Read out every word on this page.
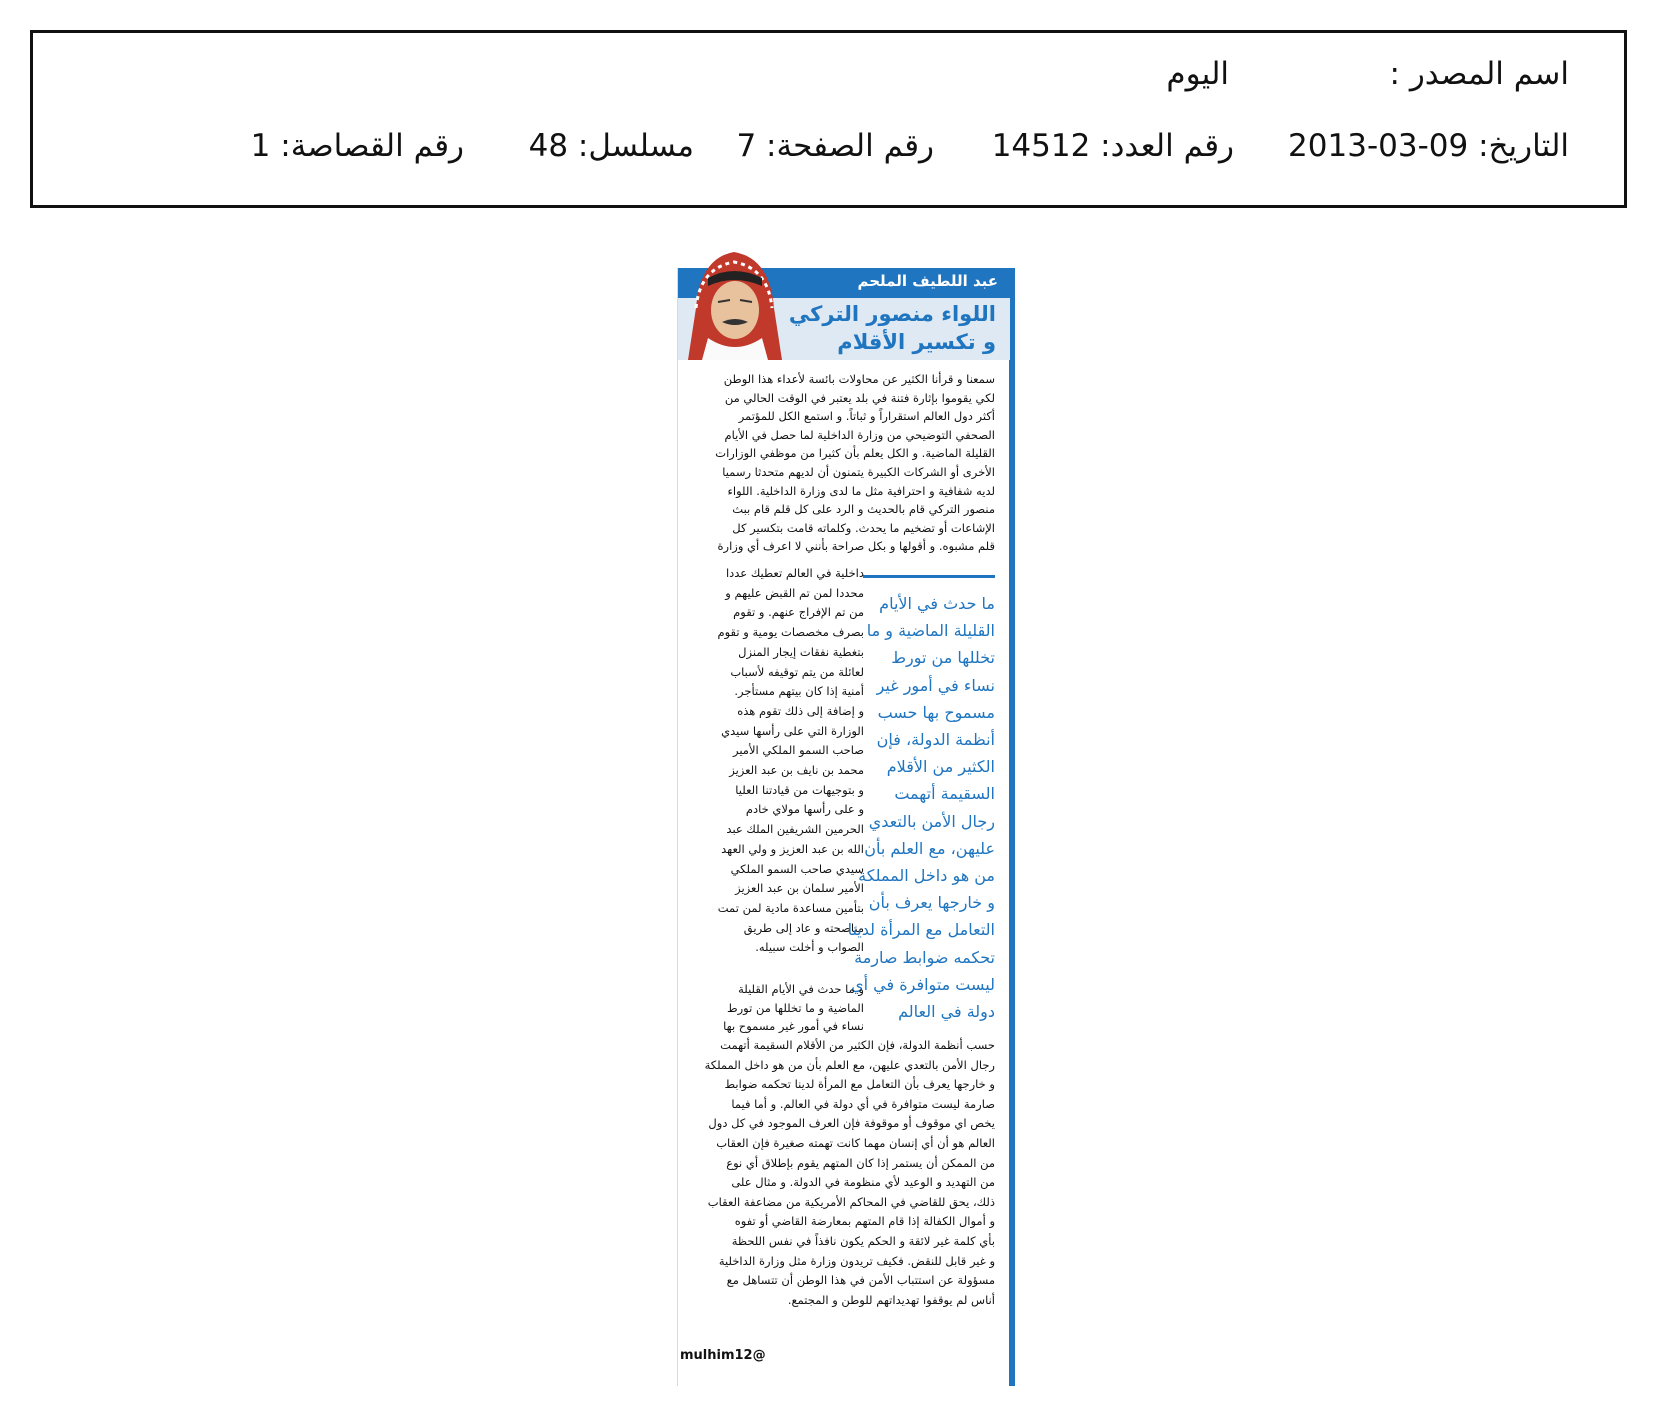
اسم المصدر :
اليوم
التاريخ: 09-03-2013
رقم العدد: 14512
رقم الصفحة: 7
مسلسل: 48
رقم القصاصة: 1
عبد اللطيف الملحم
اللواء منصور التركي
و تكسير الأقلام
سمعنا و قرأنا الكثير عن محاولات بائسة لأعداء هذا الوطن
لكي يقوموا بإثارة فتنة في بلد يعتبر في الوقت الحالي من
أكثر دول العالم استقراراً و ثباتاً. و استمع الكل للمؤتمر
الصحفي التوضيحي من وزارة الداخلية لما حصل في الأيام
القليلة الماضية. و الكل يعلم بأن كثيرا من موظفي الوزارات
الأخرى أو الشركات الكبيرة يتمنون أن لديهم متحدثا رسميا
لديه شفافية و احترافية مثل ما لدى وزارة الداخلية. اللواء
منصور التركي قام بالحديث و الرد على كل قلم قام ببث
الإشاعات أو تضخيم ما يحدث. وكلماته قامت بتكسير كل
قلم مشبوه. و أقولها و بكل صراحة بأنني لا اعرف أي وزارة
داخلية في العالم تعطيك عددا
محددا لمن تم القبض عليهم و
من تم الإفراج عنهم. و تقوم
بصرف مخصصات يومية و تقوم
بتغطية نفقات إيجار المنزل
لعائلة من يتم توقيفه لأسباب
أمنية إذا كان بيتهم مستأجر.
و إضافة إلى ذلك تقوم هذه
الوزارة التي على رأسها سيدي
صاحب السمو الملكي الأمير
محمد بن نايف بن عبد العزيز
و بتوجيهات من قيادتنا العليا
و على رأسها مولاي خادم
الحرمين الشريفين الملك عبد
الله بن عبد العزيز و ولي العهد
سيدي صاحب السمو الملكي
الأمير سلمان بن عبد العزيز
بتأمين مساعدة مادية لمن تمت
مناصحته و عاد إلى طريق
الصواب و أخلت سبيله.
ما حدث في الأيام
القليلة الماضية و ما
تخللها من تورط
نساء في أمور غير
مسموح بها حسب
أنظمة الدولة، فإن
الكثير من الأقلام
السقيمة أتهمت
رجال الأمن بالتعدي
عليهن، مع العلم بأن
من هو داخل المملكة
و خارجها يعرف بأن
التعامل مع المرأة لدينا
تحكمه ضوابط صارمة
ليست متوافرة في أي
دولة في العالم
و ما حدث في الأيام القليلة
الماضية و ما تخللها من تورط
نساء في أمور غير مسموح بها
حسب أنظمة الدولة، فإن الكثير من الأقلام السقيمة أتهمت
رجال الأمن بالتعدي عليهن، مع العلم بأن من هو داخل المملكة
و خارجها يعرف بأن التعامل مع المرأة لدينا تحكمه ضوابط
صارمة ليست متوافرة في أي دولة في العالم. و أما فيما
يخص اي موقوف أو موقوفة فإن العرف الموجود في كل دول
العالم هو أن أي إنسان مهما كانت تهمته صغيرة فإن العقاب
من الممكن أن يستمر إذا كان المتهم يقوم بإطلاق أي نوع
من التهديد و الوعيد لأي منظومة في الدولة. و مثال على
ذلك، يحق للقاضي في المحاكم الأمريكية من مضاعفة العقاب
و أموال الكفالة إذا قام المتهم بمعارضة القاضي أو تفوه
بأي كلمة غير لائقة و الحكم يكون نافذاً في نفس اللحظة
و غير قابل للنقض. فكيف تريدون وزارة مثل وزارة الداخلية
مسؤولة عن استتباب الأمن في هذا الوطن أن تتساهل مع
أناس لم يوقفوا تهديداتهم للوطن و المجتمع.
mulhim12@
